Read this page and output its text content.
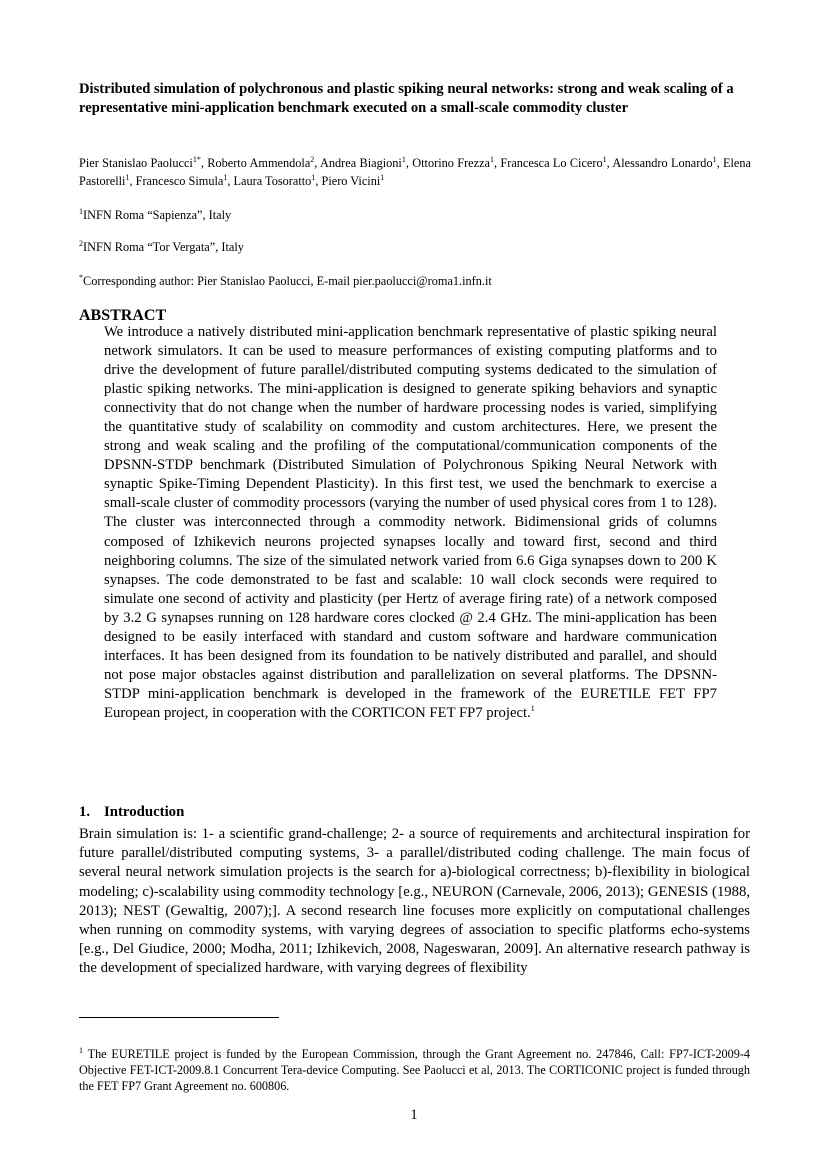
Distributed simulation of polychronous and plastic spiking neural networks: strong and weak scaling of a representative mini-application benchmark executed on a small-scale commodity cluster
Pier Stanislao Paolucci$^{1*}$, Roberto Ammendola$^2$, Andrea Biagioni$^1$, Ottorino Frezza$^1$, Francesca Lo Cicero$^1$, Alessandro Lonardo$^1$, Elena Pastorelli$^1$, Francesco Simula$^1$, Laura Tosoratto$^1$, Piero Vicini$^1$
$^1$INFN Roma “Sapienza”, Italy
$^2$INFN Roma “Tor Vergata”, Italy
*Corresponding author: Pier Stanislao Paolucci, E-mail pier.paolucci@roma1.infn.it
ABSTRACT

We introduce a natively distributed mini-application benchmark representative of plastic spiking neural network simulators. It can be used to measure performances of existing computing platforms and to drive the development of future parallel/distributed computing systems dedicated to the simulation of plastic spiking networks. The mini-application is designed to generate spiking behaviors and synaptic connectivity that do not change when the number of hardware processing nodes is varied, simplifying the quantitative study of scalability on commodity and custom architectures. Here, we present the strong and weak scaling and the profiling of the computational/communication components of the DPSNN-STDP benchmark (Distributed Simulation of Polychronous Spiking Neural Network with synaptic Spike-Timing Dependent Plasticity). In this first test, we used the benchmark to exercise a small-scale cluster of commodity processors (varying the number of used physical cores from 1 to 128). The cluster was interconnected through a commodity network. Bidimensional grids of columns composed of Izhikevich neurons projected synapses locally and toward first, second and third neighboring columns. The size of the simulated network varied from 6.6 Giga synapses down to 200 K synapses. The code demonstrated to be fast and scalable: 10 wall clock seconds were required to simulate one second of activity and plasticity (per Hertz of average firing rate) of a network composed by 3.2 G synapses running on 128 hardware cores clocked @ 2.4 GHz. The mini-application has been designed to be easily interfaced with standard and custom software and hardware communication interfaces. It has been designed from its foundation to be natively distributed and parallel, and should not pose major obstacles against distribution and parallelization on several platforms. The DPSNN-STDP mini-application benchmark is developed in the framework of the EURETILE FET FP7 European project, in cooperation with the CORTICON FET FP7 project.$^1$

1. Introduction

Brain simulation is: 1- a scientific grand-challenge; 2- a source of requirements and architectural inspiration for future parallel/distributed computing systems, 3- a parallel/distributed coding challenge. The main focus of several neural network simulation projects is the search for a)-biological correctness; b)-flexibility in biological modeling; c)-scalability using commodity technology [e.g., NEURON (Carnevale, 2006, 2013); GENESIS (1988, 2013); NEST (Gewaltig, 2007);]. A second research line focuses more explicitly on computational challenges when running on commodity systems, with varying degrees of association to specific platforms echo-systems [e.g., Del Giudice, 2000; Modha, 2011; Izhikevich, 2008, Nageswaran, 2009]. An alternative research pathway is the development of specialized hardware, with varying degrees of flexibility

$^1$ The EURETILE project is funded by the European Commission, through the Grant Agreement no. 247846, Call: FP7-ICT-2009-4 Objective FET-ICT-2009.8.1 Concurrent Tera-device Computing. See Paolucci et al, 2013. The CORTICONIC project is funded through the FET FP7 Grant Agreement no. 600806.

1
